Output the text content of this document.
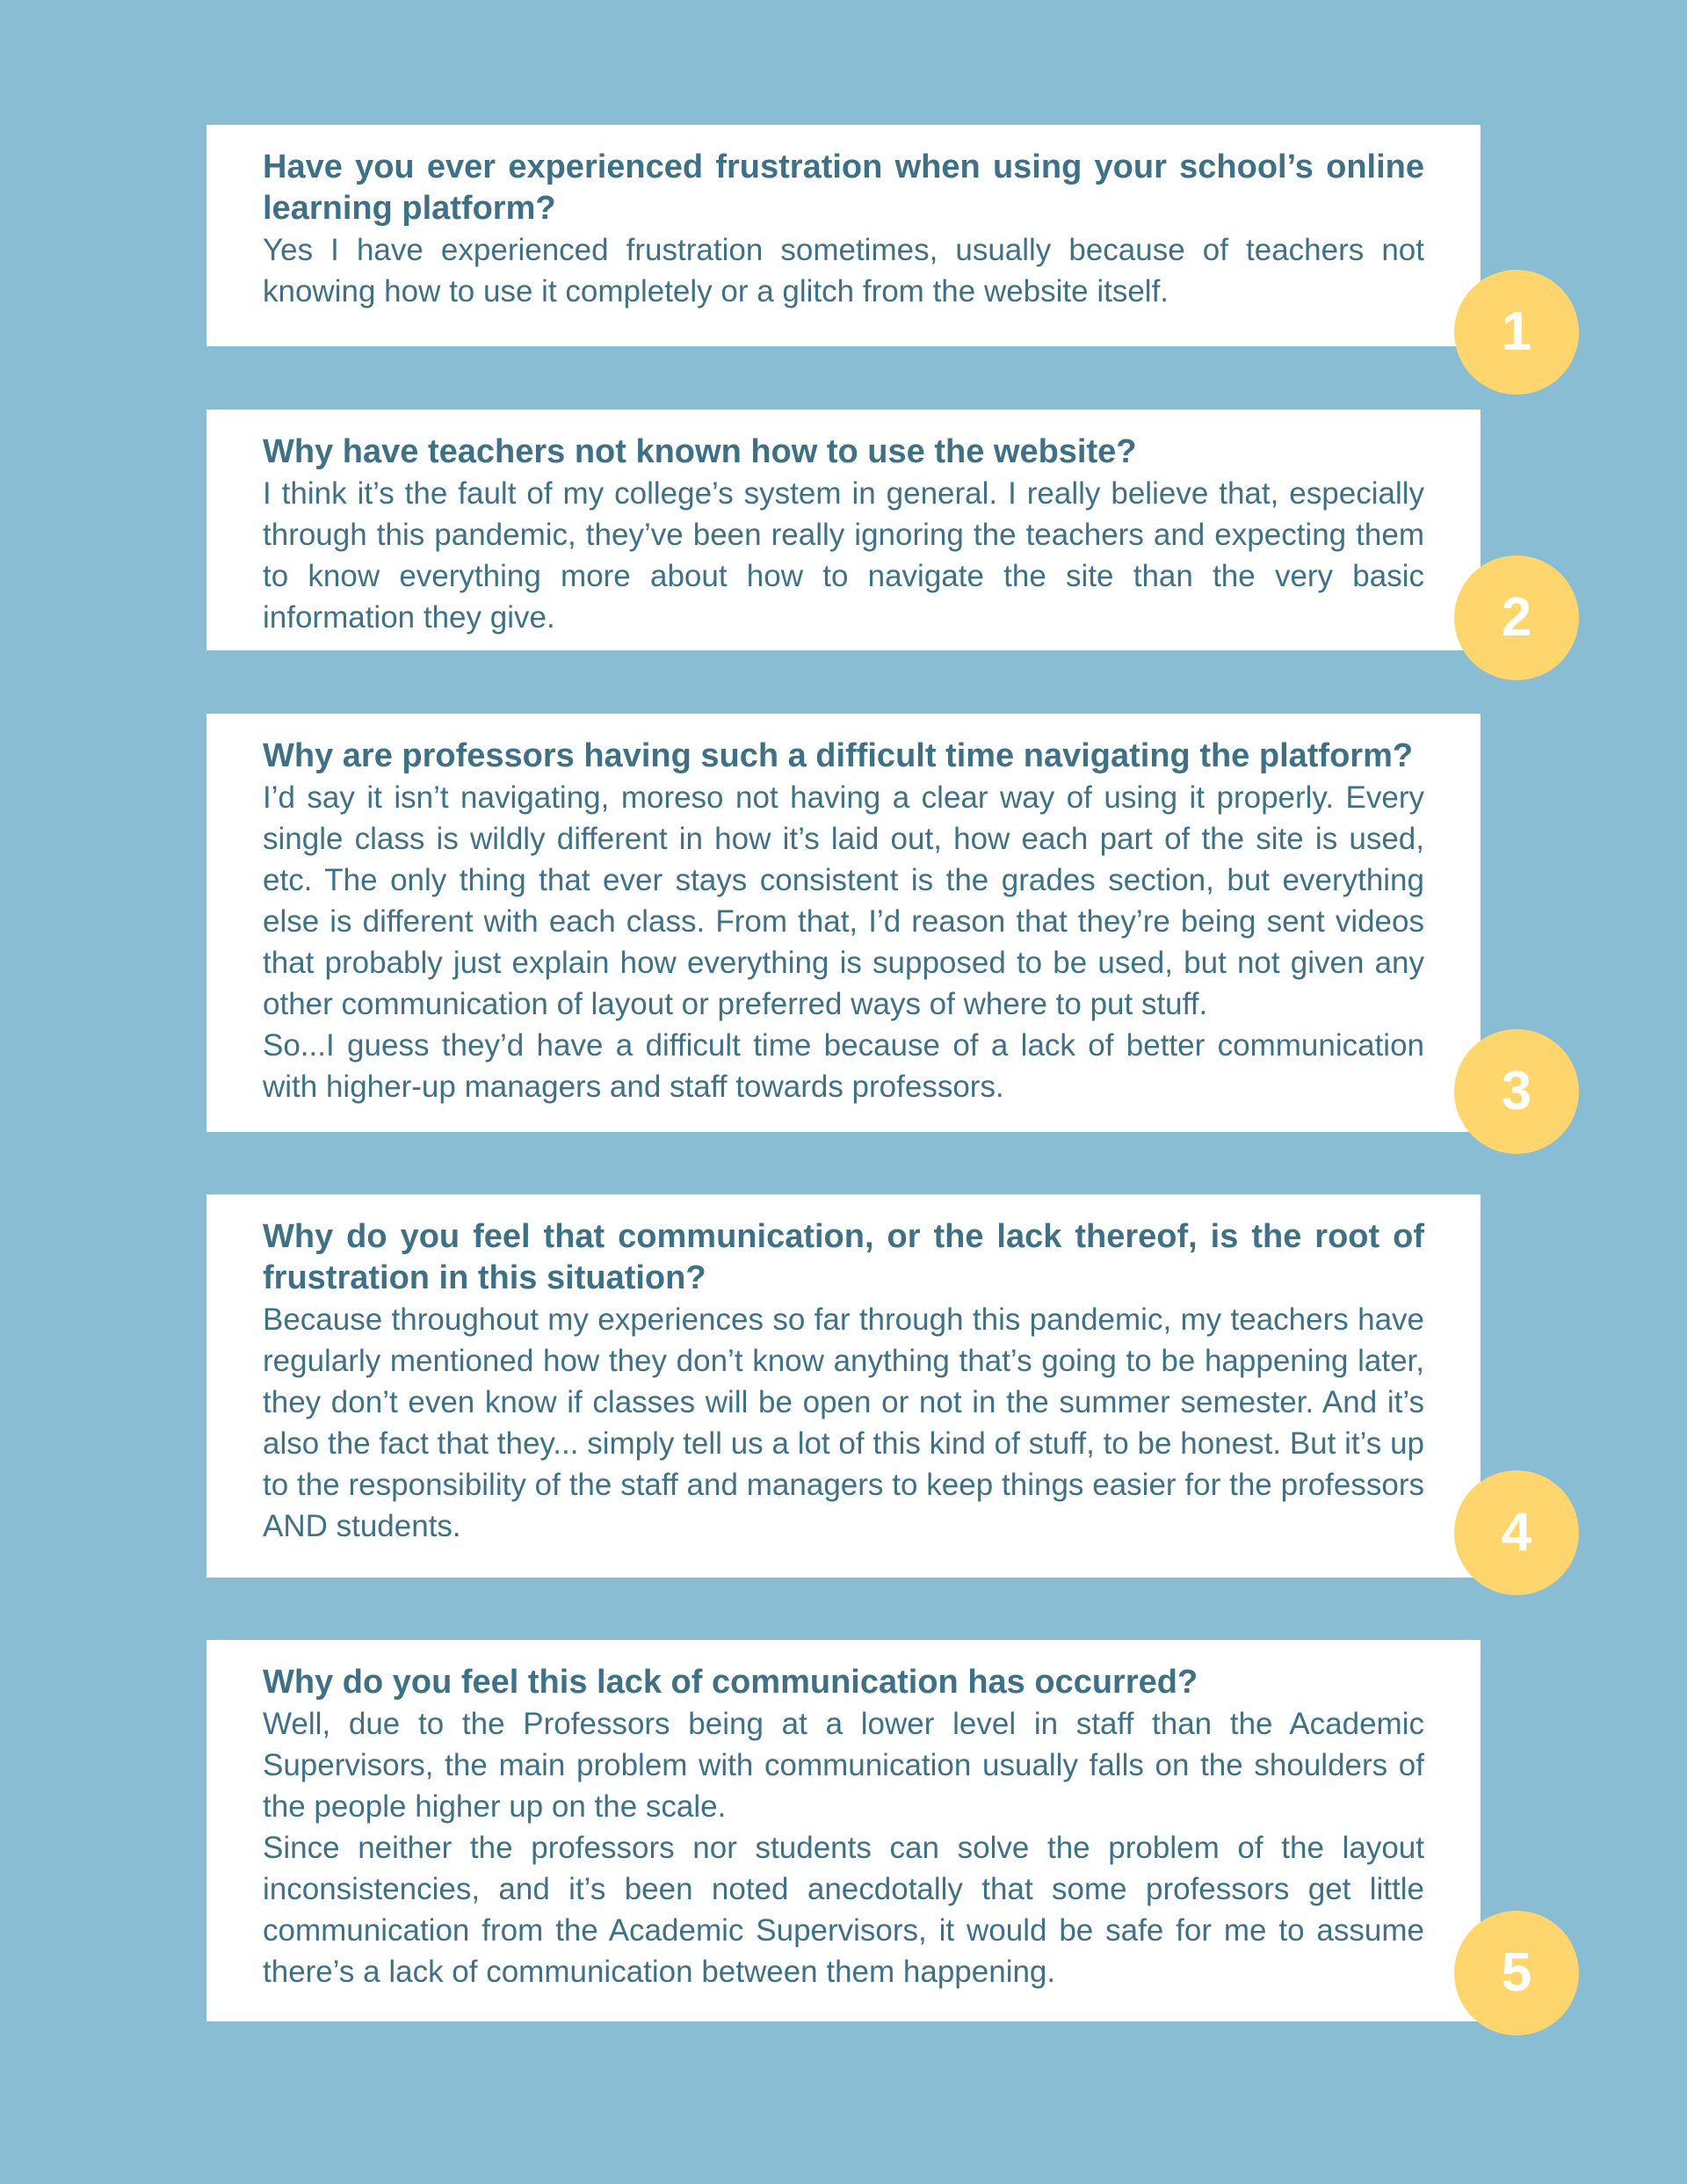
Have you ever experienced frustration when using your school’s online learning platform?

Yes I have experienced frustration sometimes, usually because of teachers not knowing how to use it completely or a glitch from the website itself.

1

Why have teachers not known how to use the website?

I think it’s the fault of my college’s system in general. I really believe that, especially through this pandemic, they’ve been really ignoring the teachers and expecting them to know everything more about how to navigate the site than the very basic information they give.	2

Why are professors having such a difficult time navigating the platform?

I’d say it isn’t navigating, moreso not having a clear way of using it properly. Every single class is wildly different in how it’s laid out, how each part of the site is used, etc. The only thing that ever stays consistent is the grades section, but everything else is different with each class. From that, I’d reason that they’re being sent videos that probably just explain how everything is supposed to be used, but not given any other communication of layout or preferred ways of where to put stuff.

So...I guess they’d have a difficult time because of a lack of better communication with higher-up managers and staff towards professors.	3

Why do you feel that communication, or the lack thereof, is the root of frustration in this situation?

Because throughout my experiences so far through this pandemic, my teachers have regularly mentioned how they don’t know anything that’s going to be happening later, they don’t even know if classes will be open or not in the summer semester. And it’s also the fact that they... simply tell us a lot of this kind of stuff, to be honest. But it’s up to the responsibility of the staff and managers to keep things easier for the professors AND students.	4

Why do you feel this lack of communication has occurred?

Well, due to the Professors being at a lower level in staff than the Academic Supervisors, the main problem with communication usually falls on the shoulders of the people higher up on the scale.

Since neither the professors nor students can solve the problem of the layout inconsistencies, and it’s been noted anecdotally that some professors get little communication from the Academic Supervisors, it would be safe for me to assume there’s a lack of communication between them happening.	5
